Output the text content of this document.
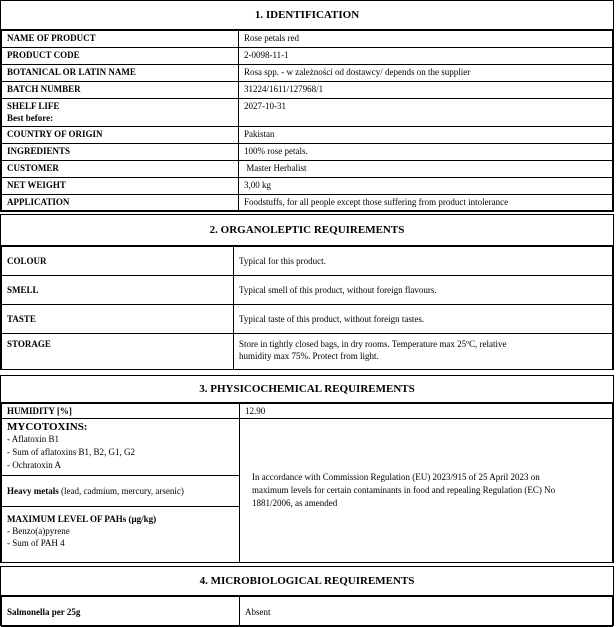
1. IDENTIFICATION
NAME OF PRODUCT	Rose petals red
PRODUCT CODE	2-0098-11-1
BOTANICAL OR LATIN NAME	Rosa spp. - w zależności od dostawcy/ depends on the supplier
BATCH NUMBER	31224/1611/127968/1

SHELF LIFE
Best before:	2027-10-31
COUNTRY OF ORIGIN	Pakistan
INGREDIENTS	100% rose petals.
CUSTOMER	Master Herbalist
NET WEIGHT	3,00 kg
APPLICATION	Foodstuffs, for all people except those suffering from product intolerance
2. ORGANOLEPTIC REQUIREMENTS
COLOUR	Typical for this product.
SMELL	Typical smell of this product, without foreign flavours.
TASTE	Typical taste of this product, without foreign tastes.
STORAGE	Store in tightly closed bags, in dry rooms. Temperature max 25ºC, relative
humidity max 75%. Protect from light.
3. PHYSICOCHEMICAL REQUIREMENTS
HUMIDITY [%]	12.90

MYCOTOXINS:
- Aflatoxin B1
- Sum of aflatoxins B1, B2, G1, G2
- Ochratoxin A	In accordance with Commission Regulation (EU) 2023/915 of 25 April 2023 on maximum levels for certain contaminants in food and repealing Regulation (EC) No 1881/2006, as amended

Heavy metals (lead, cadmium, mercury, arsenic)	

MAXIMUM LEVEL OF PAHs (µg/kg)
- Benzo(a)pyrene
- Sum of PAH 4	
4. MICROBIOLOGICAL REQUIREMENTS
Salmonella per 25g	Absent
